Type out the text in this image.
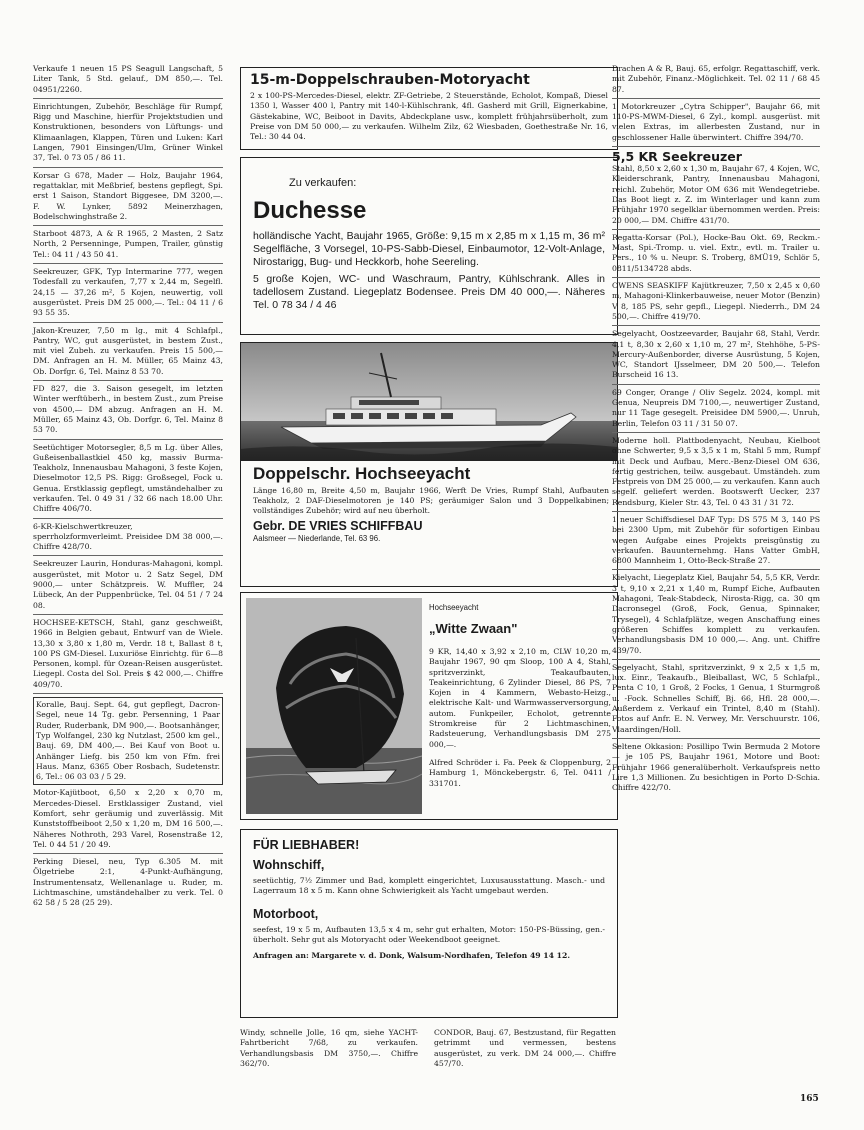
Verkaufe 1 neuen 15 PS Seagull Langschaft, 5 Liter Tank, 5 Std. gelauf., DM 850,—. Tel. 04951/2260.
Einrichtungen, Zubehör, Beschläge für Rumpf, Rigg und Maschine, hierfür Projektstudien und Konstruktionen, besonders von Lüftungs- und Klimaanlagen, Klappen, Türen und Luken: Karl Langen, 7901 Einsingen/Ulm, Grüner Winkel 37, Tel. 0 73 05 / 86 11.
Korsar G 678, Mader — Holz, Baujahr 1964, regattaklar, mit Meßbrief, bestens gepflegt, Spi. erst 1 Saison, Standort Biggesee, DM 3200,—. F. W. Lynker, 5892 Meinerzhagen, Bodelschwinghstraße 2.
Starboot 4873, A & R 1965, 2 Masten, 2 Satz North, 2 Persenninge, Pumpen, Trailer, günstig Tel.: 04 11 / 43 50 41.
Seekreuzer, GFK, Typ Intermarine 777, wegen Todesfall zu verkaufen, 7,77 x 2,44 m, Segelfl. 24,15 — 37,26 m², 5 Kojen, neuwertig, voll ausgerüstet. Preis DM 25 000,—. Tel.: 04 11 / 6 93 55 35.
Jakon-Kreuzer, 7,50 m lg., mit 4 Schlafpl., Pantry, WC, gut ausgerüstet, in bestem Zust., mit viel Zubeh. zu verkaufen. Preis 15 500,— DM. Anfragen an H. M. Müller, 65 Mainz 43, Ob. Dorfgr. 6, Tel. Mainz 8 53 70.
FD 827, die 3. Saison gesegelt, im letzten Winter werftüberh., in bestem Zust., zum Preise von 4500,— DM abzug. Anfragen an H. M. Müller, 65 Mainz 43, Ob. Dorfgr. 6, Tel. Mainz 8 53 70.
Seetüchtiger Motorsegler, 8,5 m Lg. über Alles, Gußeisenballastkiel 450 kg, massiv Burma-Teakholz, Innenausbau Mahagoni, 3 feste Kojen, Dieselmotor 12,5 PS. Rigg: Großsegel, Fock u. Genua. Erstklassig gepflegt, umständehalber zu verkaufen. Tel. 0 49 31 / 32 66 nach 18.00 Uhr. Chiffre 406/70.
6-KR-Kielschwertkreuzer, sperrholzformverleimt. Preisidee DM 38 000,—. Chiffre 428/70.
Seekreuzer Laurin, Honduras-Mahagoni, kompl. ausgerüstet, mit Motor u. 2 Satz Segel, DM 9000,— unter Schätzpreis. W. Muffler, 24 Lübeck, An der Puppenbrücke, Tel. 04 51 / 7 24 08.
HOCHSEE-KETSCH, Stahl, ganz geschweißt, 1966 in Belgien gebaut, Entwurf van de Wiele. 13,30 x 3,80 x 1,80 m, Verdr. 18 t, Ballast 8 t, 100 PS GM-Diesel. Luxuriöse Einrichtg. für 6—8 Personen, kompl. für Ozean-Reisen ausgerüstet. Liegepl. Costa del Sol. Preis $ 42 000,—. Chiffre 409/70.
Koralle, Bauj. Sept. 64, gut gepflegt, Dacron-Segel, neue 14 Tg. gebr. Persenning, 1 Paar Ruder, Ruderbank, DM 900,—. Bootsanhänger, Typ Wolfangel, 230 kg Nutzlast, 2500 km gel., Bauj. 69, DM 400,—. Bei Kauf von Boot u. Anhänger Liefg. bis 250 km von Ffm. frei Haus. Manz, 6365 Ober Rosbach, Sudetenstr. 6, Tel.: 06 03 03 / 5 29.
Motor-Kajütboot, 6,50 x 2,20 x 0,70 m, Mercedes-Diesel. Erstklassiger Zustand, viel Komfort, sehr geräumig und zuverlässig. Mit Kunststoffbeiboot 2,50 x 1,20 m, DM 16 500,—. Näheres Nothroth, 293 Varel, Rosenstraße 12, Tel. 0 44 51 / 20 49.
Perking Diesel, neu, Typ 6.305 M. mit Ölgetriebe 2:1, 4-Punkt-Aufhängung, Instrumentensatz, Wellenanlage u. Ruder, m. Lichtmaschine, umständehalber zu verk. Tel. 0 62 58 / 5 28 (25 29).
15-m-Doppelschrauben-Motoryacht
2 x 100-PS-Mercedes-Diesel, elektr. ZF-Getriebe, 2 Steuerstände, Echolot, Kompaß, Diesel 1350 l, Wasser 400 l, Pantry mit 140-l-Kühlschrank, 4fl. Gasherd mit Grill, Eignerkabine, Gästekabine, WC, Beiboot in Davits, Abdeckplane usw., komplett frühjahrsüberholt, zum Preise von DM 50 000,— zu verkaufen. Wilhelm Zilz, 62 Wiesbaden, Goethestraße Nr. 16, Tel.: 30 44 04.
Zu verkaufen:
Duchesse
holländische Yacht, Baujahr 1965, Größe: 9,15 m x 2,85 m x 1,15 m, 36 m² Segelfläche, 3 Vorsegel, 10-PS-Sabb-Diesel, Einbaumotor, 12-Volt-Anlage, Nirostarigg, Bug- und Heckkorb, hohe Seereling.
5 große Kojen, WC- und Waschraum, Pantry, Kühlschrank. Alles in tadellosem Zustand. Liegeplatz Bodensee. Preis DM 40 000,—. Näheres Tel. 0 78 34 / 4 46
Doppelschr. Hochseeyacht
Länge 16,80 m, Breite 4,50 m, Baujahr 1966, Werft De Vries, Rumpf Stahl, Aufbauten Teakholz, 2 DAF-Dieselmotoren je 140 PS; geräumiger Salon und 3 Doppelkabinen; vollständiges Zubehör; wird auf neu überholt.
Gebr. DE VRIES SCHIFFBAU
Aalsmeer — Niederlande, Tel. 63 96.
Hochseeyacht
„Witte Zwaan"
9 KR, 14,40 x 3,92 x 2,10 m, CLW 10,20 m, Baujahr 1967, 90 qm Sloop, 100 A 4, Stahl, spritzverzinkt, Teakaufbauten, Teakeinrichtung, 6 Zylinder Diesel, 86 PS, 7 Kojen in 4 Kammern, Webasto-Heizg., elektrische Kalt- und Warmwasserversorgung, autom. Funkpeiler, Echolot, getrennte Stromkreise für 2 Lichtmaschinen, Radsteuerung, Verhandlungsbasis DM 275 000,—.
Alfred Schröder i. Fa. Peek & Cloppenburg, 2 Hamburg 1, Mönckebergstr. 6, Tel. 0411 / 331701.
FÜR LIEBHABER!
Wohnschiff,
seetüchtig, 7½ Zimmer und Bad, komplett eingerichtet, Luxusausstattung. Masch.- und Lagerraum 18 x 5 m. Kann ohne Schwierigkeit als Yacht umgebaut werden.
Motorboot,
seefest, 19 x 5 m, Aufbauten 13,5 x 4 m, sehr gut erhalten, Motor: 150-PS-Büssing, gen.-überholt. Sehr gut als Motoryacht oder Weekendboot geeignet.
Anfragen an: Margarete v. d. Donk, Walsum-Nordhafen, Telefon 49 14 12.
Windy, schnelle Jolle, 16 qm, siehe YACHT-Fahrtbericht 7/68, zu verkaufen. Verhandlungsbasis DM 3750,—. Chiffre 362/70.
CONDOR, Bauj. 67, Bestzustand, für Regatten getrimmt und vermessen, bestens ausgerüstet, zu verk. DM 24 000,—. Chiffre 457/70.
Drachen A & R, Bauj. 65, erfolgr. Regattaschiff, verk. mit Zubehör, Finanz.-Möglichkeit. Tel. 02 11 / 68 45 87.
1 Motorkreuzer „Cytra Schipper", Baujahr 66, mit 110-PS-MWM-Diesel, 6 Zyl., kompl. ausgerüst. mit vielen Extras, im allerbesten Zustand, nur in geschlossener Halle überwintert. Chiffre 394/70.
5,5 KR Seekreuzer
Stahl, 8,50 x 2,60 x 1,30 m, Baujahr 67, 4 Kojen, WC, Kleiderschrank, Pantry, Innenausbau Mahagoni, reichl. Zubehör, Motor OM 636 mit Wendegetriebe. Das Boot liegt z. Z. im Winterlager und kann zum Frühjahr 1970 segelklar übernommen werden. Preis: 20 000,— DM. Chiffre 431/70.
Regatta-Korsar (Pol.), Hocke-Bau Okt. 69, Reckm.-Mast, Spi.-Tromp. u. viel. Extr., evtl. m. Trailer u. Pers., 10 % u. Neupr. S. Troberg, 8MÜ19, Schlör 5, 0811/5134728 abds.
OWENS SEASKIFF Kajütkreuzer, 7,50 x 2,45 x 0,60 m, Mahagoni-Klinkerbauweise, neuer Motor (Benzin) V 8, 185 PS, sehr gepfl., Liegepl. Niederrh., DM 24 500,—. Chiffre 419/70.
Segelyacht, Oostzeevarder, Baujahr 68, Stahl, Verdr. 4,1 t, 8,30 x 2,60 x 1,10 m, 27 m², Stehhöhe, 5-PS-Mercury-Außenborder, diverse Ausrüstung, 5 Kojen, WC, Standort IJsselmeer, DM 20 500,—. Telefon Burscheid 16 13.
69 Conger, Orange / Oliv Segelz. 2024, kompl. mit Genua, Neupreis DM 7100,—, neuwertiger Zustand, nur 11 Tage gesegelt. Preisidee DM 5900,—. Unruh, Berlin, Telefon 03 11 / 31 50 07.
Moderne holl. Plattbodenyacht, Neubau, Kielboot ohne Schwerter, 9,5 x 3,5 x 1 m, Stahl 5 mm, Rumpf mit Deck und Aufbau, Merc.-Benz-Diesel OM 636, fertig gestrichen, teilw. ausgebaut. Umständeh. zum Festpreis von DM 25 000,— zu verkaufen. Kann auch segelf. geliefert werden. Bootswerft Uecker, 237 Rendsburg, Kieler Str. 43, Tel. 0 43 31 / 31 72.
1 neuer Schiffsdiesel DAF Typ: DS 575 M 3, 140 PS bei 2300 Upm, mit Zubehör für sofortigen Einbau wegen Aufgabe eines Projekts preisgünstig zu verkaufen. Bauunternehmg. Hans Vatter GmbH, 6800 Mannheim 1, Otto-Beck-Straße 27.
Kielyacht, Liegeplatz Kiel, Baujahr 54, 5,5 KR, Verdr. 3 t, 9,10 x 2,21 x 1,40 m, Rumpf Eiche, Aufbauten Mahagoni, Teak-Stabdeck, Nirosta-Rigg, ca. 30 qm Dacronsegel (Groß, Fock, Genua, Spinnaker, Trysegel), 4 Schlafplätze, wegen Anschaffung eines größeren Schiffes komplett zu verkaufen. Verhandlungsbasis DM 10 000,—. Ang. unt. Chiffre 439/70.
Segelyacht, Stahl, spritzverzinkt, 9 x 2,5 x 1,5 m, lux. Einr., Teakaufb., Bleiballast, WC, 5 Schlafpl., Penta C 10, 1 Groß, 2 Focks, 1 Genua, 1 Sturmgroß u. -Fock. Schnelles Schiff, Bj. 66, Hfl. 28 000,—. Außerdem z. Verkauf ein Trintel, 8,40 m (Stahl). Fotos auf Anfr. E. N. Verwey, Mr. Verschuurstr. 106, Vlaardingen/Holl.
Seltene Okkasion: Posillipo Twin Bermuda 2 Motore — je 105 PS, Baujahr 1961, Motore und Boot: Frühjahr 1966 generalüberholt. Verkaufspreis netto Lire 1,3 Millionen. Zu besichtigen in Porto D-Schia. Chiffre 422/70.
165
